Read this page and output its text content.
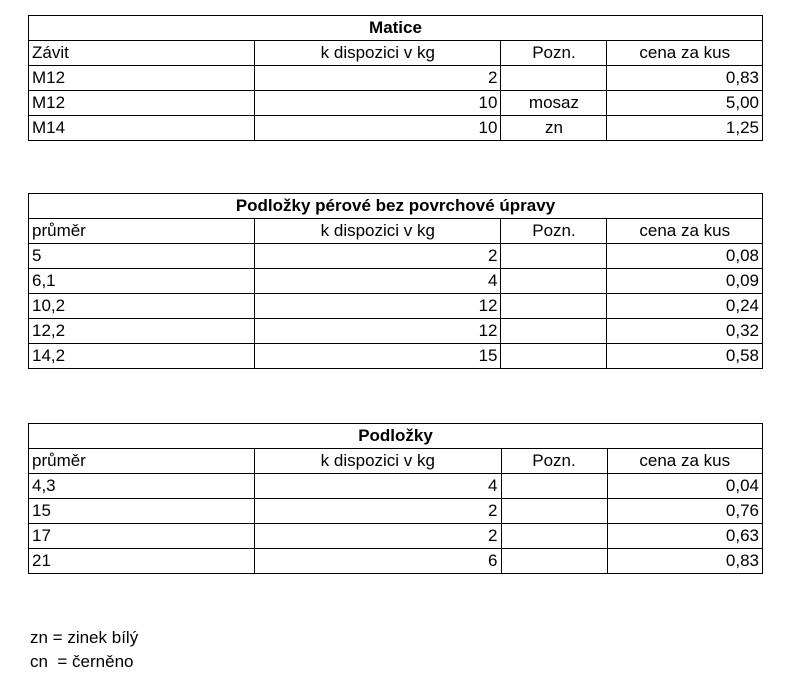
Matice			
Závit	k dispozici v kg	Pozn.	cena za kus
M12	2		0,83
M12	10	mosaz	5,00
M14	10	zn	1,25
Podložky pérové bez povrchové úpravy			
průměr	k dispozici v kg	Pozn.	cena za kus
5	2		0,08
6,1	4		0,09
10,2	12		0,24
12,2	12		0,32
14,2	15		0,58
Podložky			
průměr	k dispozici v kg	Pozn.	cena za kus
4,3	4		0,04
15	2		0,76
17	2		0,63
21	6		0,83
zn = zinek bílý
cn  = černěno
